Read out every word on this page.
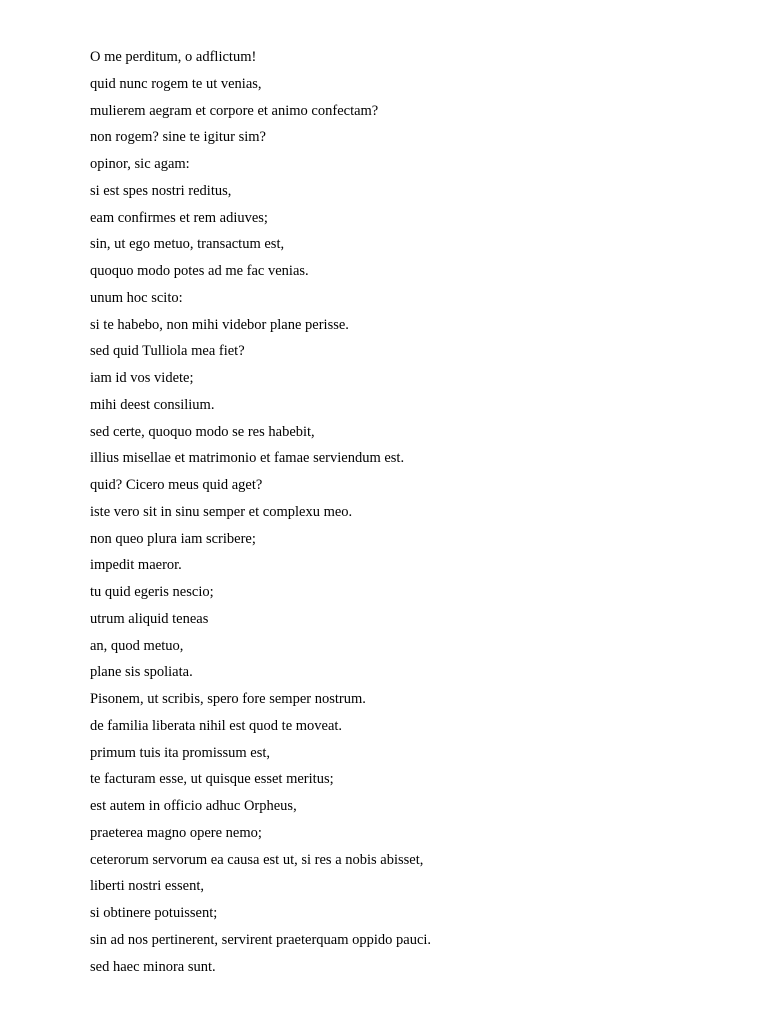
O me perditum, o adflictum!
quid nunc rogem te ut venias,
mulierem aegram et corpore et animo confectam?
non rogem? sine te igitur sim?
opinor, sic agam:
si est spes nostri reditus,
eam confirmes et rem adiuves;
sin, ut ego metuo, transactum est,
quoquo modo potes ad me fac venias.
unum hoc scito:
si te habebo, non mihi videbor plane perisse.
sed quid Tulliola mea fiet?
iam id vos videte;
mihi deest consilium.
sed certe, quoquo modo se res habebit,
illius misellae et matrimonio et famae serviendum est.
quid? Cicero meus quid aget?
iste vero sit in sinu semper et complexu meo.
non queo plura iam scribere;
impedit maeror.
tu quid egeris nescio;
utrum aliquid teneas
an, quod metuo,
plane sis spoliata.
Pisonem, ut scribis, spero fore semper nostrum.
de familia liberata nihil est quod te moveat.
primum tuis ita promissum est,
te facturam esse, ut quisque esset meritus;
est autem in officio adhuc Orpheus,
praeterea magno opere nemo;
ceterorum servorum ea causa est ut, si res a nobis abisset,
liberti nostri essent,
si obtinere potuissent;
sin ad nos pertinerent, servirent praeterquam oppido pauci.
sed haec minora sunt.
